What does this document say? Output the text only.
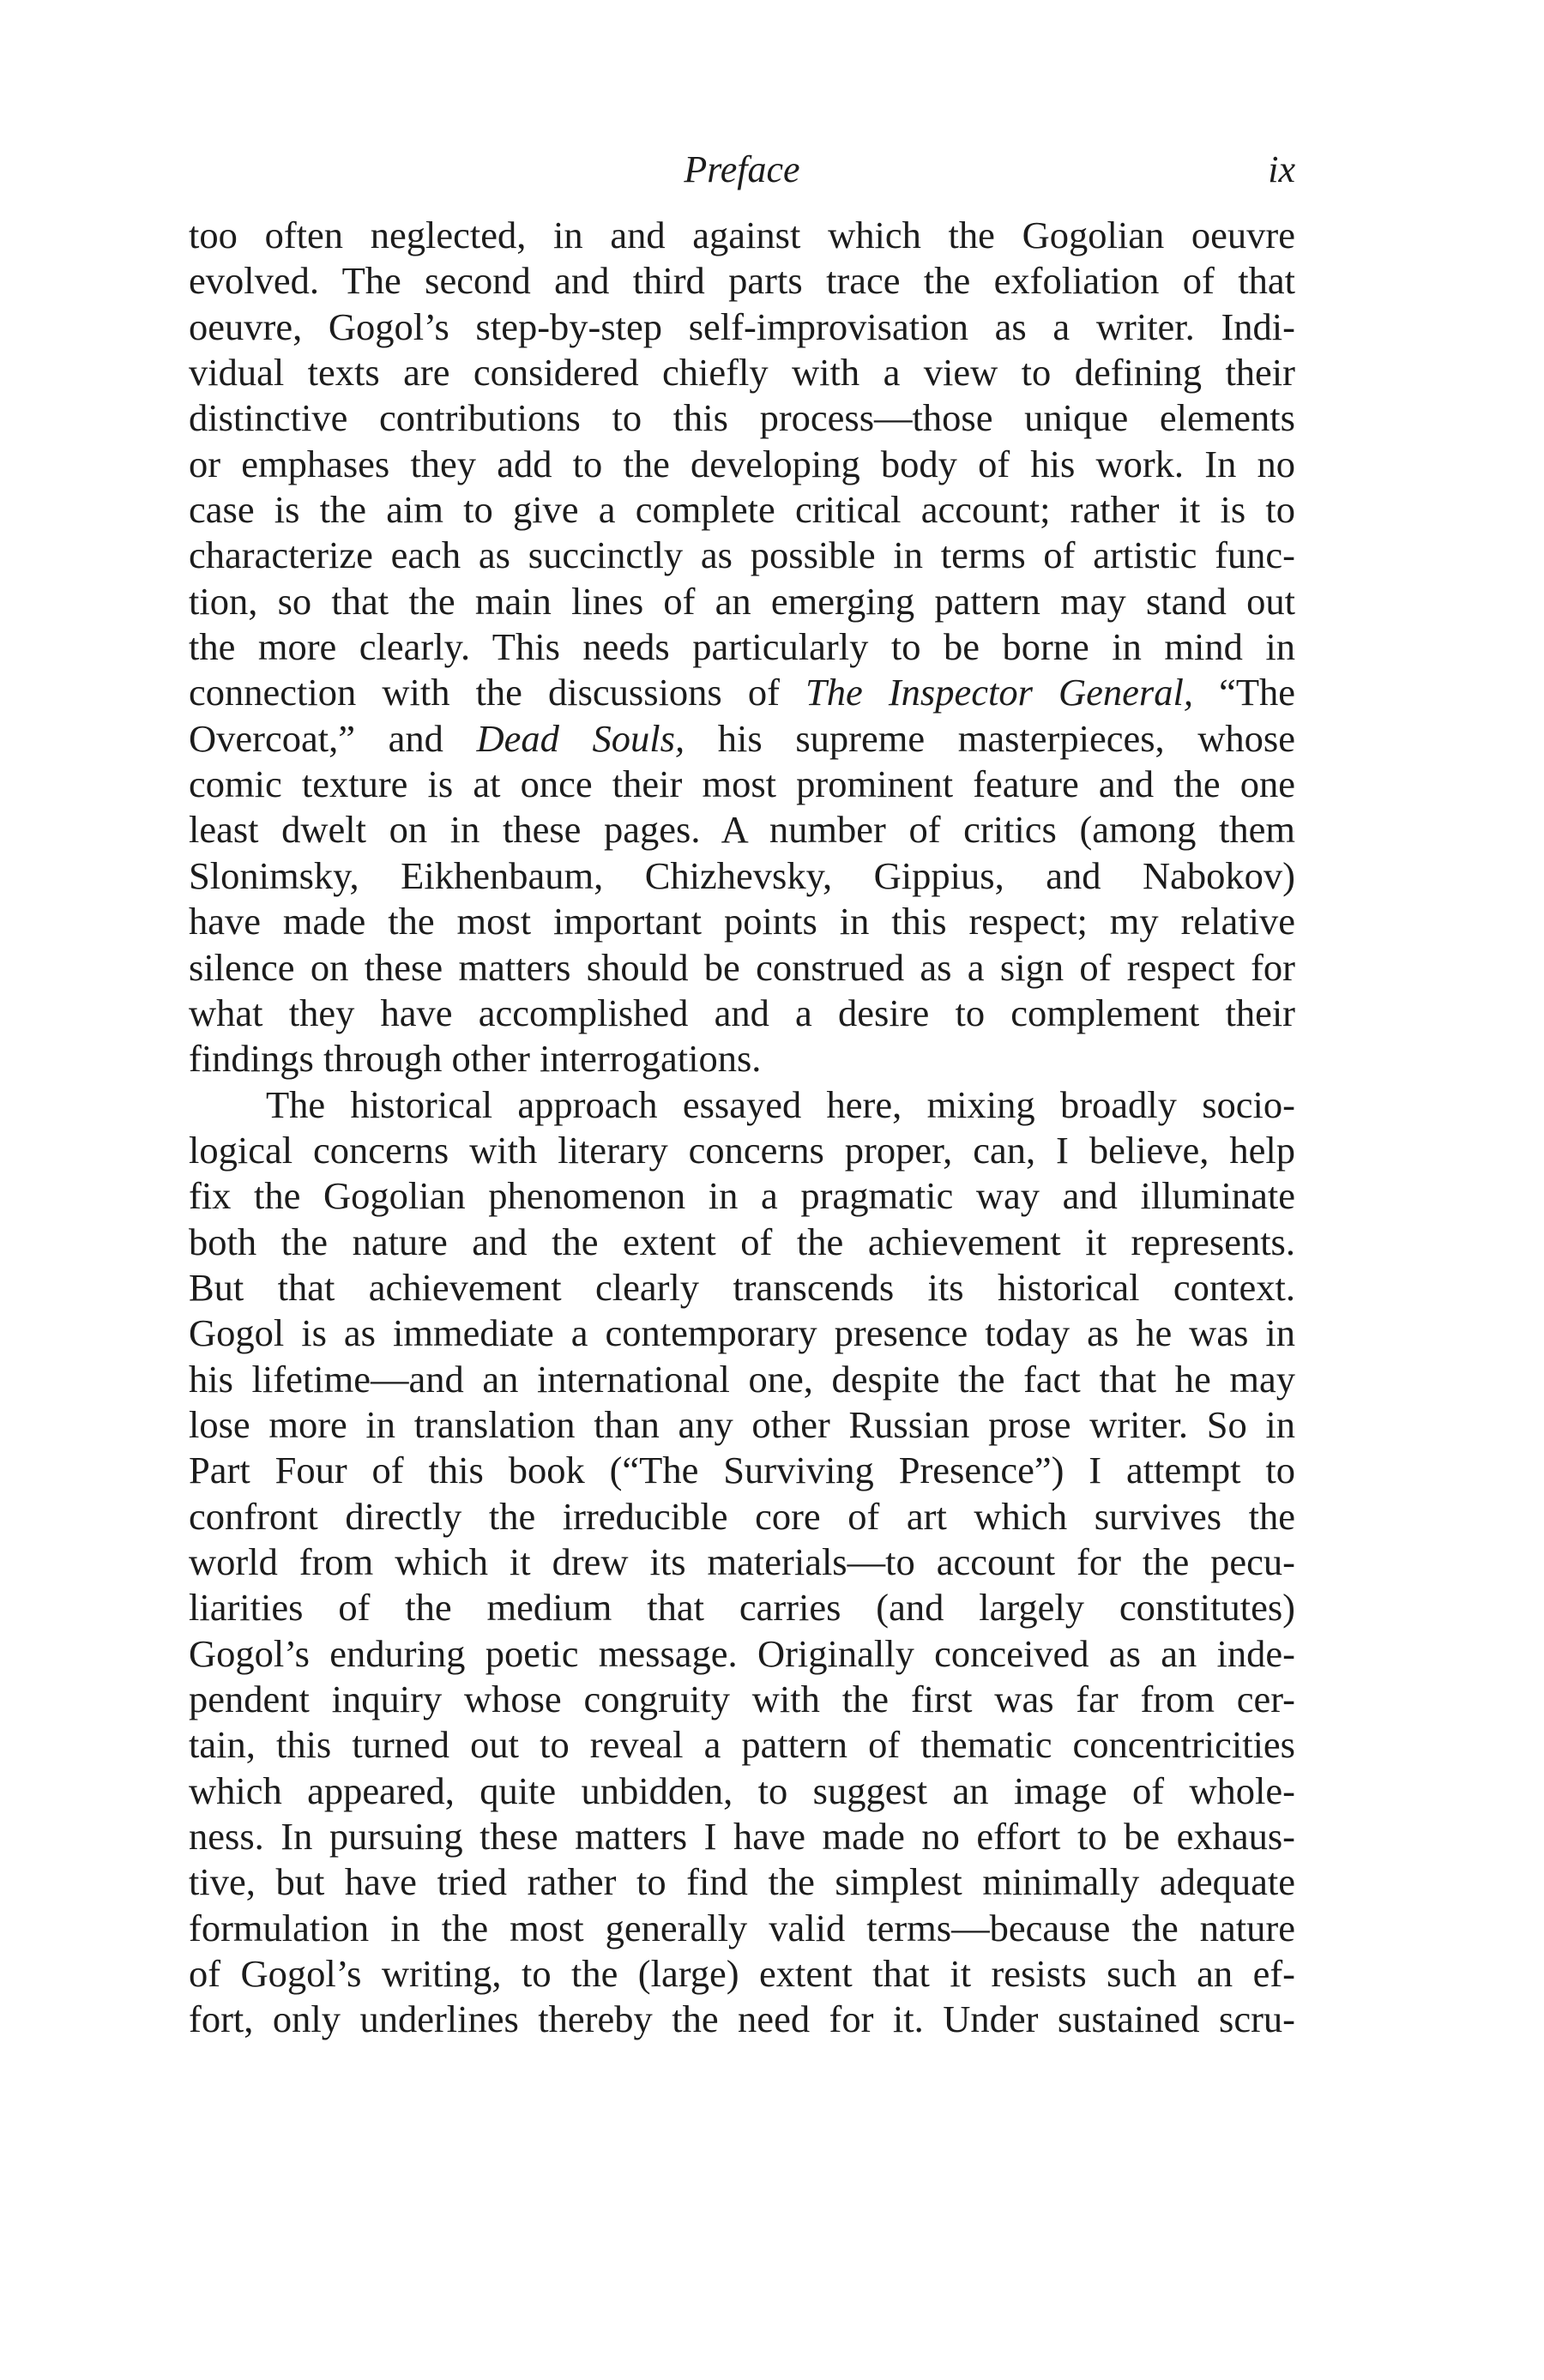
Preface	ix
too often neglected, in and against which the Gogolian oeuvre
evolved. The second and third parts trace the exfoliation of that
oeuvre, Gogol’s step-by-step self-improvisation as a writer. Indi-
vidual texts are considered chiefly with a view to defining their
distinctive contributions to this process—those unique elements
or emphases they add to the developing body of his work. In no
case is the aim to give a complete critical account; rather it is to
characterize each as succinctly as possible in terms of artistic func-
tion, so that the main lines of an emerging pattern may stand out
the more clearly. This needs particularly to be borne in mind in
connection with the discussions of The Inspector General, “The
Overcoat,” and Dead Souls, his supreme masterpieces, whose
comic texture is at once their most prominent feature and the one
least dwelt on in these pages. A number of critics (among them
Slonimsky, Eikhenbaum, Chizhevsky, Gippius, and Nabokov)
have made the most important points in this respect; my relative
silence on these matters should be construed as a sign of respect for
what they have accomplished and a desire to complement their
findings through other interrogations.
The historical approach essayed here, mixing broadly socio-
logical concerns with literary concerns proper, can, I believe, help
fix the Gogolian phenomenon in a pragmatic way and illuminate
both the nature and the extent of the achievement it represents.
But that achievement clearly transcends its historical context.
Gogol is as immediate a contemporary presence today as he was in
his lifetime—and an international one, despite the fact that he may
lose more in translation than any other Russian prose writer. So in
Part Four of this book (“The Surviving Presence”) I attempt to
confront directly the irreducible core of art which survives the
world from which it drew its materials—to account for the pecu-
liarities of the medium that carries (and largely constitutes)
Gogol’s enduring poetic message. Originally conceived as an inde-
pendent inquiry whose congruity with the first was far from cer-
tain, this turned out to reveal a pattern of thematic concentricities
which appeared, quite unbidden, to suggest an image of whole-
ness. In pursuing these matters I have made no effort to be exhaus-
tive, but have tried rather to find the simplest minimally adequate
formulation in the most generally valid terms—because the nature
of Gogol’s writing, to the (large) extent that it resists such an ef-
fort, only underlines thereby the need for it. Under sustained scru-
